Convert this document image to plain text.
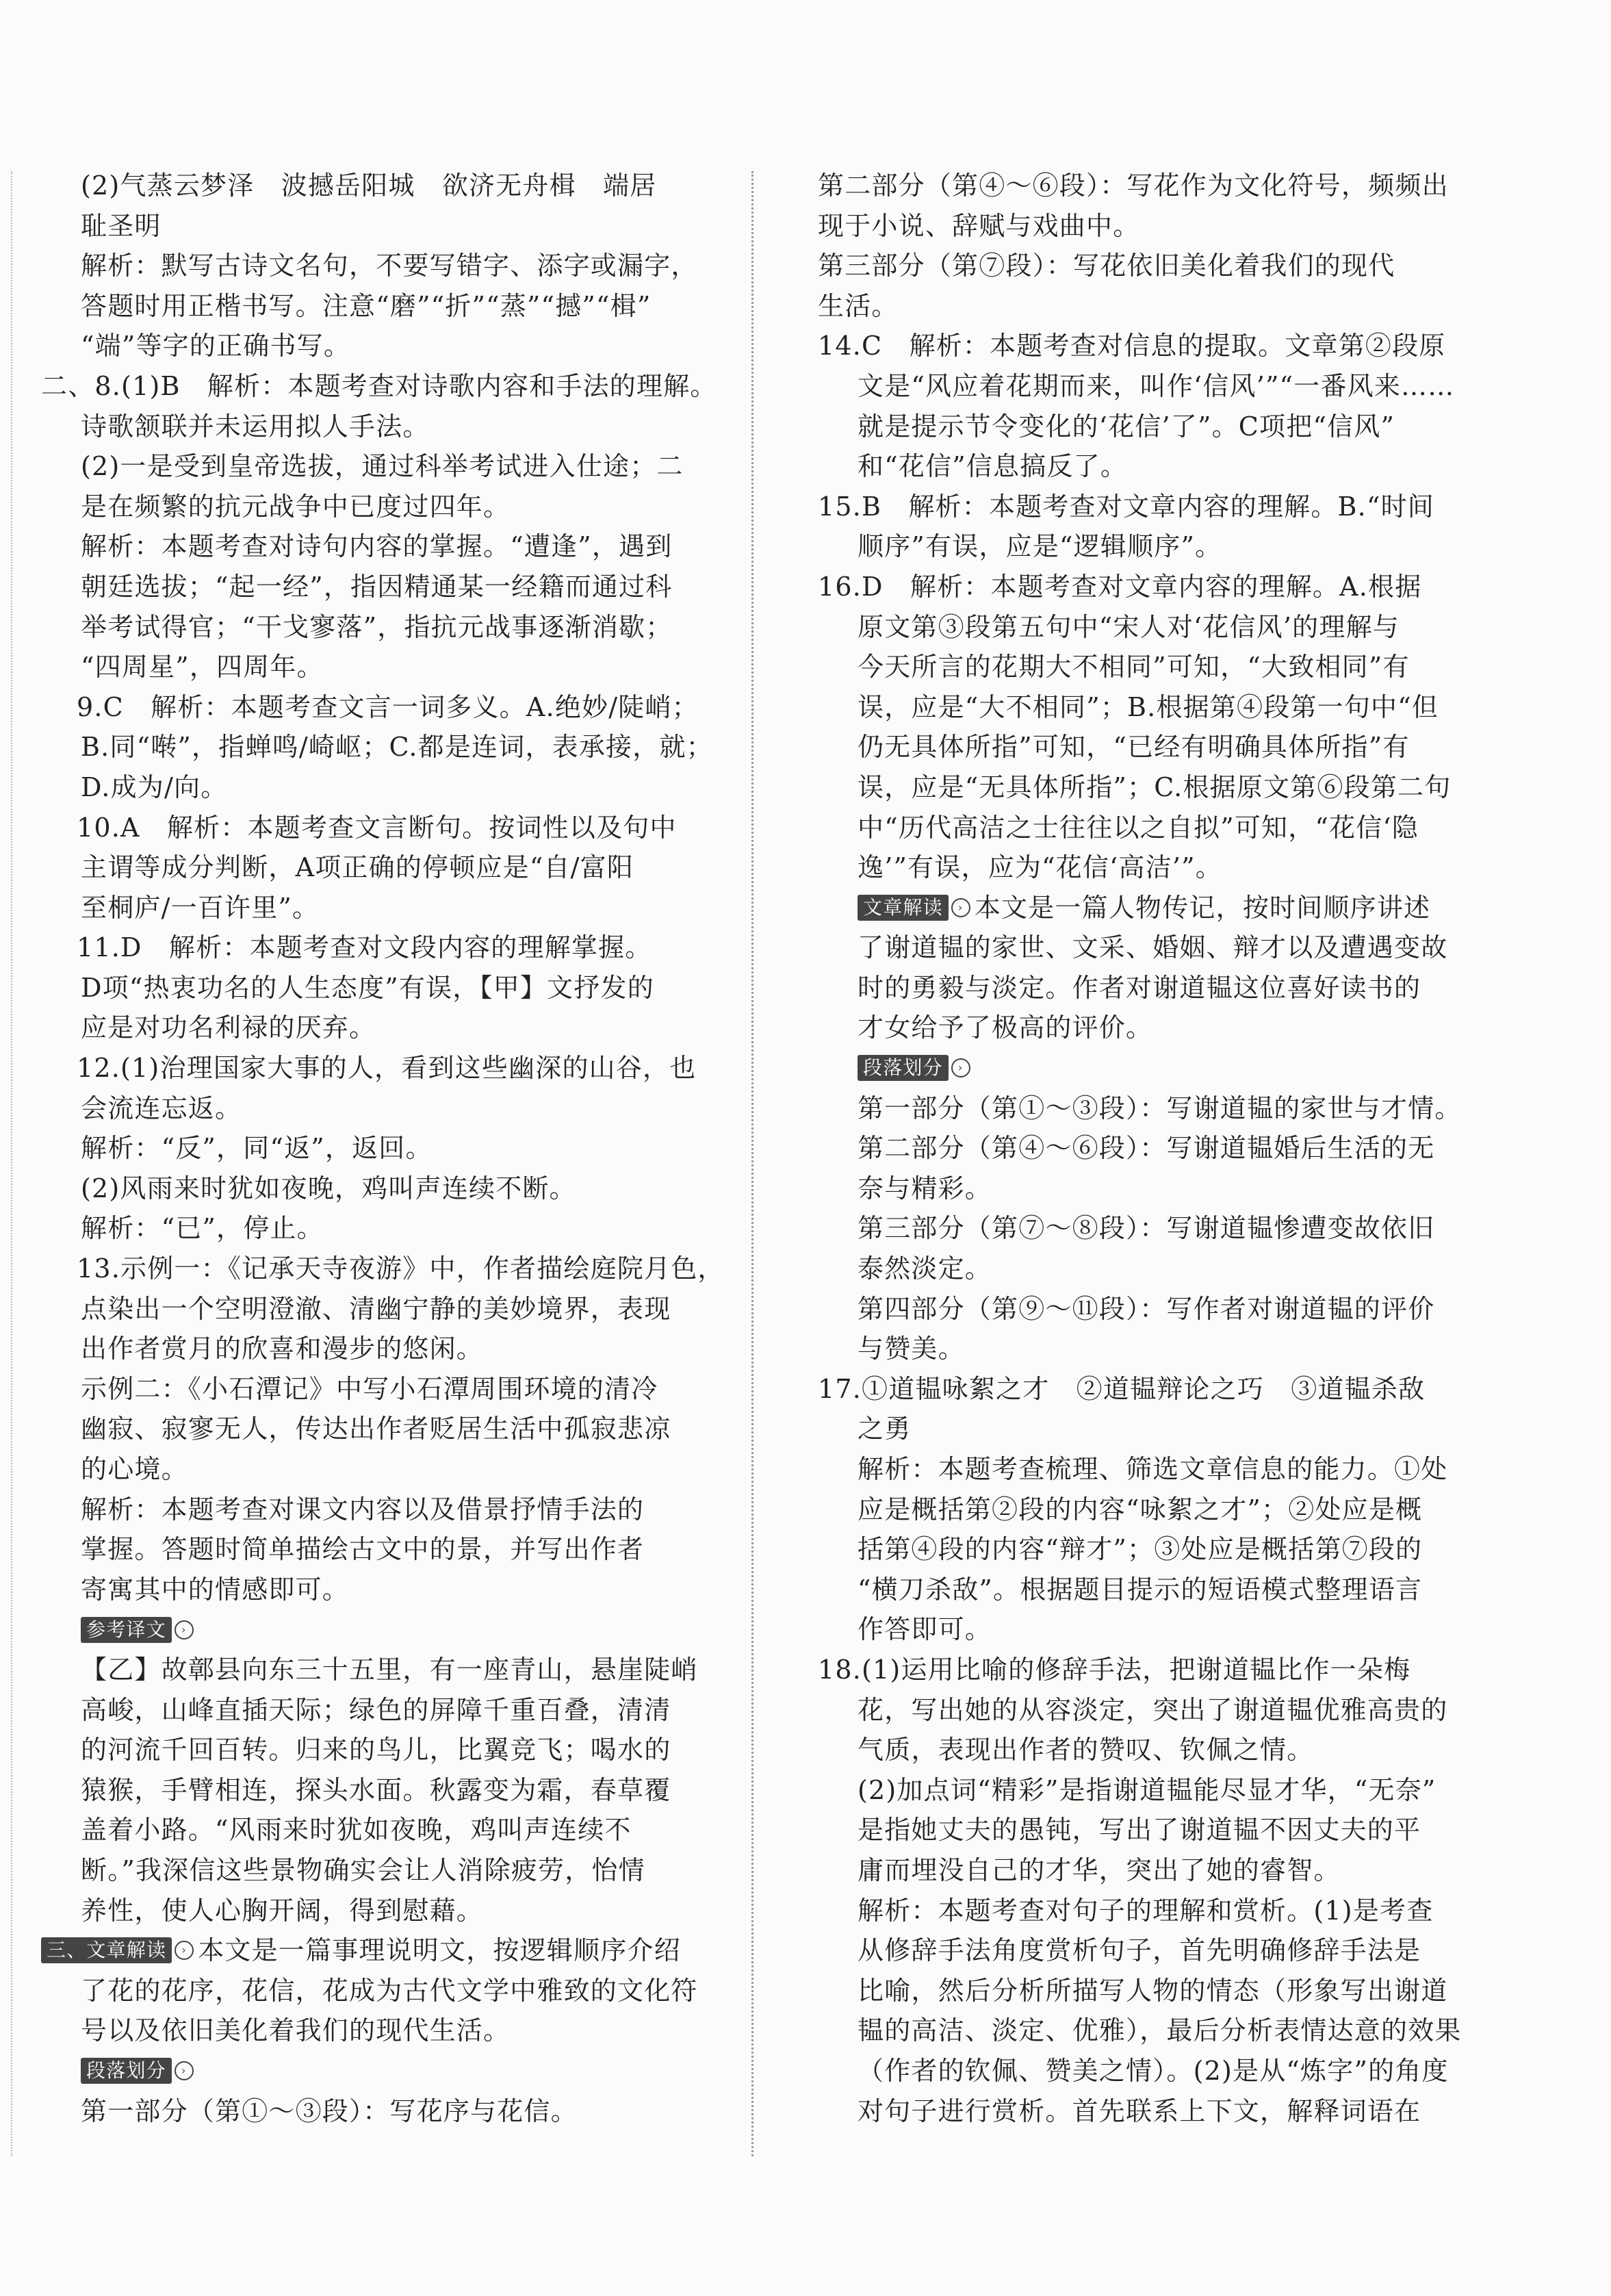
(2)气蒸云梦泽　波撼岳阳城　欲济无舟楫　端居
耻圣明
解析：默写古诗文名句，不要写错字、添字或漏字，
答题时用正楷书写。注意“磨”“折”“蒸”“撼”“楫”
“端”等字的正确书写。
二、8.(1)B　解析：本题考查对诗歌内容和手法的理解。
诗歌颔联并未运用拟人手法。
(2)一是受到皇帝选拔，通过科举考试进入仕途；二
是在频繁的抗元战争中已度过四年。
解析：本题考查对诗句内容的掌握。“遭逢”，遇到
朝廷选拔；“起一经”，指因精通某一经籍而通过科
举考试得官；“干戈寥落”，指抗元战事逐渐消歇；
“四周星”，四周年。
9.C　解析：本题考查文言一词多义。A.绝妙/陡峭；
B.同“啭”，指蝉鸣/崎岖；C.都是连词，表承接，就；
D.成为/向。
10.A　解析：本题考查文言断句。按词性以及句中
主谓等成分判断，A项正确的停顿应是“自/富阳
至桐庐/一百许里”。
11.D　解析：本题考查对文段内容的理解掌握。
D项“热衷功名的人生态度”有误，【甲】文抒发的
应是对功名利禄的厌弃。
12.(1)治理国家大事的人，看到这些幽深的山谷，也
会流连忘返。
解析：“反”，同“返”，返回。
(2)风雨来时犹如夜晚，鸡叫声连续不断。
解析：“已”，停止。
13.示例一：《记承天寺夜游》中，作者描绘庭院月色，
点染出一个空明澄澈、清幽宁静的美妙境界，表现
出作者赏月的欣喜和漫步的悠闲。
示例二：《小石潭记》中写小石潭周围环境的清冷
幽寂、寂寥无人，传达出作者贬居生活中孤寂悲凉
的心境。
解析：本题考查对课文内容以及借景抒情手法的
掌握。答题时简单描绘古文中的景，并写出作者
寄寓其中的情感即可。
参考译文	›
【乙】故鄣县向东三十五里，有一座青山，悬崖陡峭
高峻，山峰直插天际；绿色的屏障千重百叠，清清
的河流千回百转。归来的鸟儿，比翼竞飞；喝水的
猿猴，手臂相连，探头水面。秋露变为霜，春草覆
盖着小路。“风雨来时犹如夜晚，鸡叫声连续不
断。”我深信这些景物确实会让人消除疲劳，怡情
养性，使人心胸开阔，得到慰藉。
三、文章解读	› 本文是一篇事理说明文，按逻辑顺序介绍
了花的花序，花信，花成为古代文学中雅致的文化符
号以及依旧美化着我们的现代生活。
段落划分	›
第一部分（第①～③段）：写花序与花信。
第二部分（第④～⑥段）：写花作为文化符号，频频出
现于小说、辞赋与戏曲中。
第三部分（第⑦段）：写花依旧美化着我们的现代
生活。
14.C　解析：本题考查对信息的提取。文章第②段原
文是“风应着花期而来，叫作‘信风’”“一番风来……
就是提示节令变化的‘花信’了”。C项把“信风”
和“花信”信息搞反了。
15.B　解析：本题考查对文章内容的理解。B.“时间
顺序”有误，应是“逻辑顺序”。
16.D　解析：本题考查对文章内容的理解。A.根据
原文第③段第五句中“宋人对‘花信风’的理解与
今天所言的花期大不相同”可知，“大致相同”有
误，应是“大不相同”；B.根据第④段第一句中“但
仍无具体所指”可知，“已经有明确具体所指”有
误，应是“无具体所指”；C.根据原文第⑥段第二句
中“历代高洁之士往往以之自拟”可知，“花信‘隐
逸’”有误，应为“花信‘高洁’”。
文章解读	› 本文是一篇人物传记，按时间顺序讲述
了谢道韫的家世、文采、婚姻、辩才以及遭遇变故
时的勇毅与淡定。作者对谢道韫这位喜好读书的
才女给予了极高的评价。
段落划分	›
第一部分（第①～③段）：写谢道韫的家世与才情。
第二部分（第④～⑥段）：写谢道韫婚后生活的无
奈与精彩。
第三部分（第⑦～⑧段）：写谢道韫惨遭变故依旧
泰然淡定。
第四部分（第⑨～⑪段）：写作者对谢道韫的评价
与赞美。
17.①道韫咏絮之才　②道韫辩论之巧　③道韫杀敌
之勇
解析：本题考查梳理、筛选文章信息的能力。①处
应是概括第②段的内容“咏絮之才”；②处应是概
括第④段的内容“辩才”；③处应是概括第⑦段的
“横刀杀敌”。根据题目提示的短语模式整理语言
作答即可。
18.(1)运用比喻的修辞手法，把谢道韫比作一朵梅
花，写出她的从容淡定，突出了谢道韫优雅高贵的
气质，表现出作者的赞叹、钦佩之情。
(2)加点词“精彩”是指谢道韫能尽显才华，“无奈”
是指她丈夫的愚钝，写出了谢道韫不因丈夫的平
庸而埋没自己的才华，突出了她的睿智。
解析：本题考查对句子的理解和赏析。(1)是考查
从修辞手法角度赏析句子，首先明确修辞手法是
比喻，然后分析所描写人物的情态（形象写出谢道
韫的高洁、淡定、优雅），最后分析表情达意的效果
（作者的钦佩、赞美之情）。(2)是从“炼字”的角度
对句子进行赏析。首先联系上下文，解释词语在
